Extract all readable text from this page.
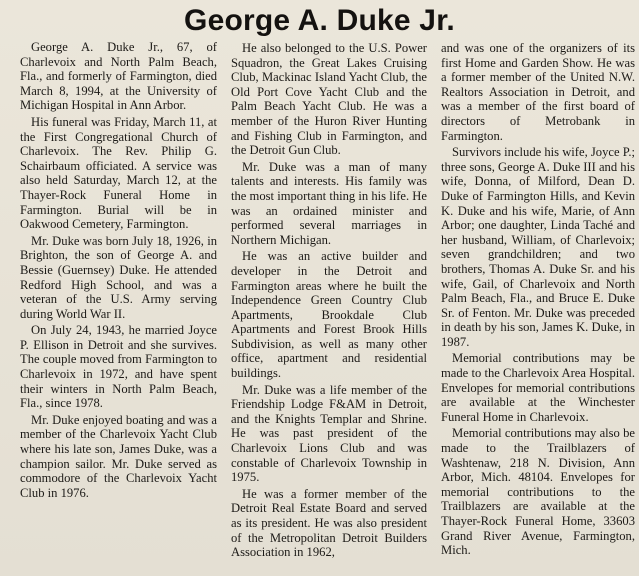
George A. Duke Jr.

George A. Duke Jr., 67, of Charlevoix and North Palm Beach, Fla., and formerly of Farmington, died March 8, 1994, at the University of Michigan Hospital in Ann Arbor.

His funeral was Friday, March 11, at the First Congregational Church of Charlevoix. The Rev. Philip G. Schairbaum officiated. A service was also held Saturday, March 12, at the Thayer-Rock Funeral Home in Farmington. Burial will be in Oakwood Cemetery, Farmington.

Mr. Duke was born July 18, 1926, in Brighton, the son of George A. and Bessie (Guernsey) Duke. He attended Redford High School, and was a veteran of the U.S. Army serving during World War II.

On July 24, 1943, he married Joyce P. Ellison in Detroit and she survives. The couple moved from Farmington to Charlevoix in 1972, and have spent their winters in North Palm Beach, Fla., since 1978.

Mr. Duke enjoyed boating and was a member of the Charlevoix Yacht Club where his late son, James Duke, was a champion sailor. Mr. Duke served as commodore of the Charlevoix Yacht Club in 1976.

He also belonged to the U.S. Power Squadron, the Great Lakes Cruising Club, Mackinac Island Yacht Club, the Old Port Cove Yacht Club and the Palm Beach Yacht Club. He was a member of the Huron River Hunting and Fishing Club in Farmington, and the Detroit Gun Club.

Mr. Duke was a man of many talents and interests. His family was the most important thing in his life. He was an ordained minister and performed several marriages in Northern Michigan.

He was an active builder and developer in the Detroit and Farmington areas where he built the Independence Green Country Club Apartments, Brookdale Club Apartments and Forest Brook Hills Subdivision, as well as many other office, apartment and residential buildings.

Mr. Duke was a life member of the Friendship Lodge F&AM in Detroit, and the Knights Templar and Shrine. He was past president of the Charlevoix Lions Club and was constable of Charlevoix Township in 1975.

He was a former member of the Detroit Real Estate Board and served as its president. He was also president of the Metropolitan Detroit Builders Association in 1962,

and was one of the organizers of its first Home and Garden Show. He was a former member of the United N.W. Realtors Association in Detroit, and was a member of the first board of directors of Metrobank in Farmington.

Survivors include his wife, Joyce P.; three sons, George A. Duke III and his wife, Donna, of Milford, Dean D. Duke of Farmington Hills, and Kevin K. Duke and his wife, Marie, of Ann Arbor; one daughter, Linda Taché and her husband, William, of Charlevoix; seven grandchildren; and two brothers, Thomas A. Duke Sr. and his wife, Gail, of Charlevoix and North Palm Beach, Fla., and Bruce E. Duke Sr. of Fenton. Mr. Duke was preceded in death by his son, James K. Duke, in 1987.

Memorial contributions may be made to the Charlevoix Area Hospital. Envelopes for memorial contributions are available at the Winchester Funeral Home in Charlevoix.

Memorial contributions may also be made to the Trailblazers of Washtenaw, 218 N. Division, Ann Arbor, Mich. 48104. Envelopes for memorial contributions to the Trailblazers are available at the Thayer-Rock Funeral Home, 33603 Grand River Avenue, Farmington, Mich.
